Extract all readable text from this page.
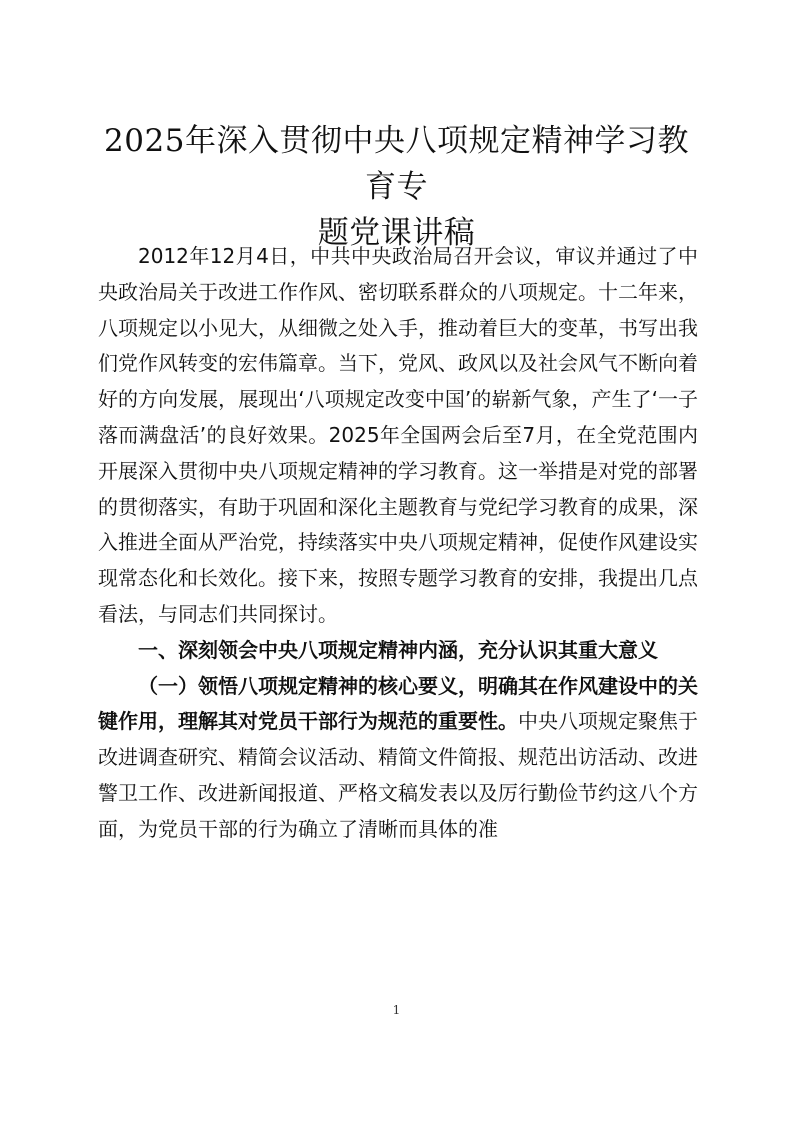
2025年深入贯彻中央八项规定精神学习教育专
题党课讲稿

2012年12月4日，中共中央政治局召开会议，审议并通过了中央政治局关于改进工作作风、密切联系群众的八项规定。十二年来，八项规定以小见大，从细微之处入手，推动着巨大的变革，书写出我们党作风转变的宏伟篇章。当下，党风、政风以及社会风气不断向着好的方向发展，展现出‘八项规定改变中国’的崭新气象，产生了‘一子落而满盘活’的良好效果。2025年全国两会后至7月，在全党范围内开展深入贯彻中央八项规定精神的学习教育。这一举措是对党的部署的贯彻落实，有助于巩固和深化主题教育与党纪学习教育的成果，深入推进全面从严治党，持续落实中央八项规定精神，促使作风建设实现常态化和长效化。接下来，按照专题学习教育的安排，我提出几点看法，与同志们共同探讨。

一、深刻领会中央八项规定精神内涵，充分认识其重大意义

（一）领悟八项规定精神的核心要义，明确其在作风建设中的关键作用，理解其对党员干部行为规范的重要性。中央八项规定聚焦于改进调查研究、精简会议活动、精简文件简报、规范出访活动、改进警卫工作、改进新闻报道、严格文稿发表以及厉行勤俭节约这八个方面，为党员干部的行为确立了清晰而具体的准

1
